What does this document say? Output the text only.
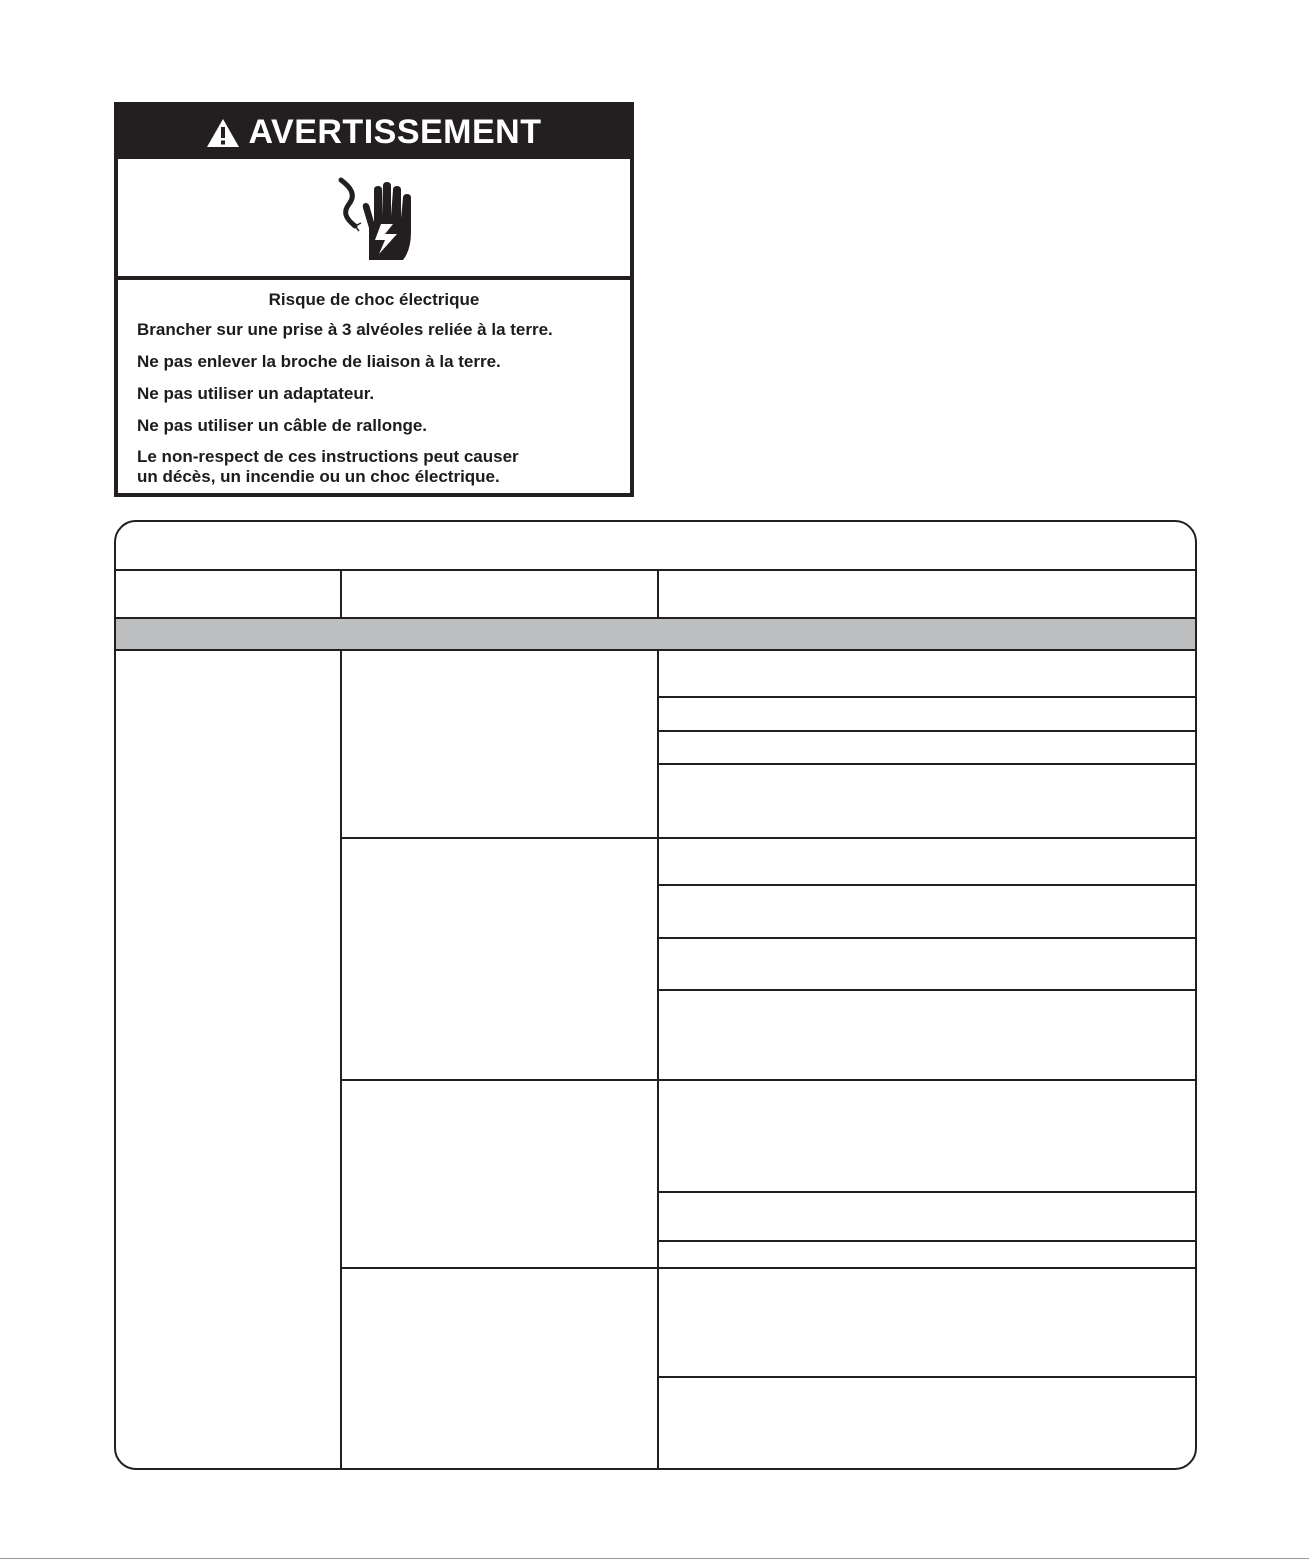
AVERTISSEMENT
Risque de choc électrique

Brancher sur une prise à 3 alvéoles reliée à la terre.

Ne pas enlever la broche de liaison à la terre.

Ne pas utiliser un adaptateur.

Ne pas utiliser un câble de rallonge.

Le non-respect de ces instructions peut causer
un décès, un incendie ou un choc électrique.
